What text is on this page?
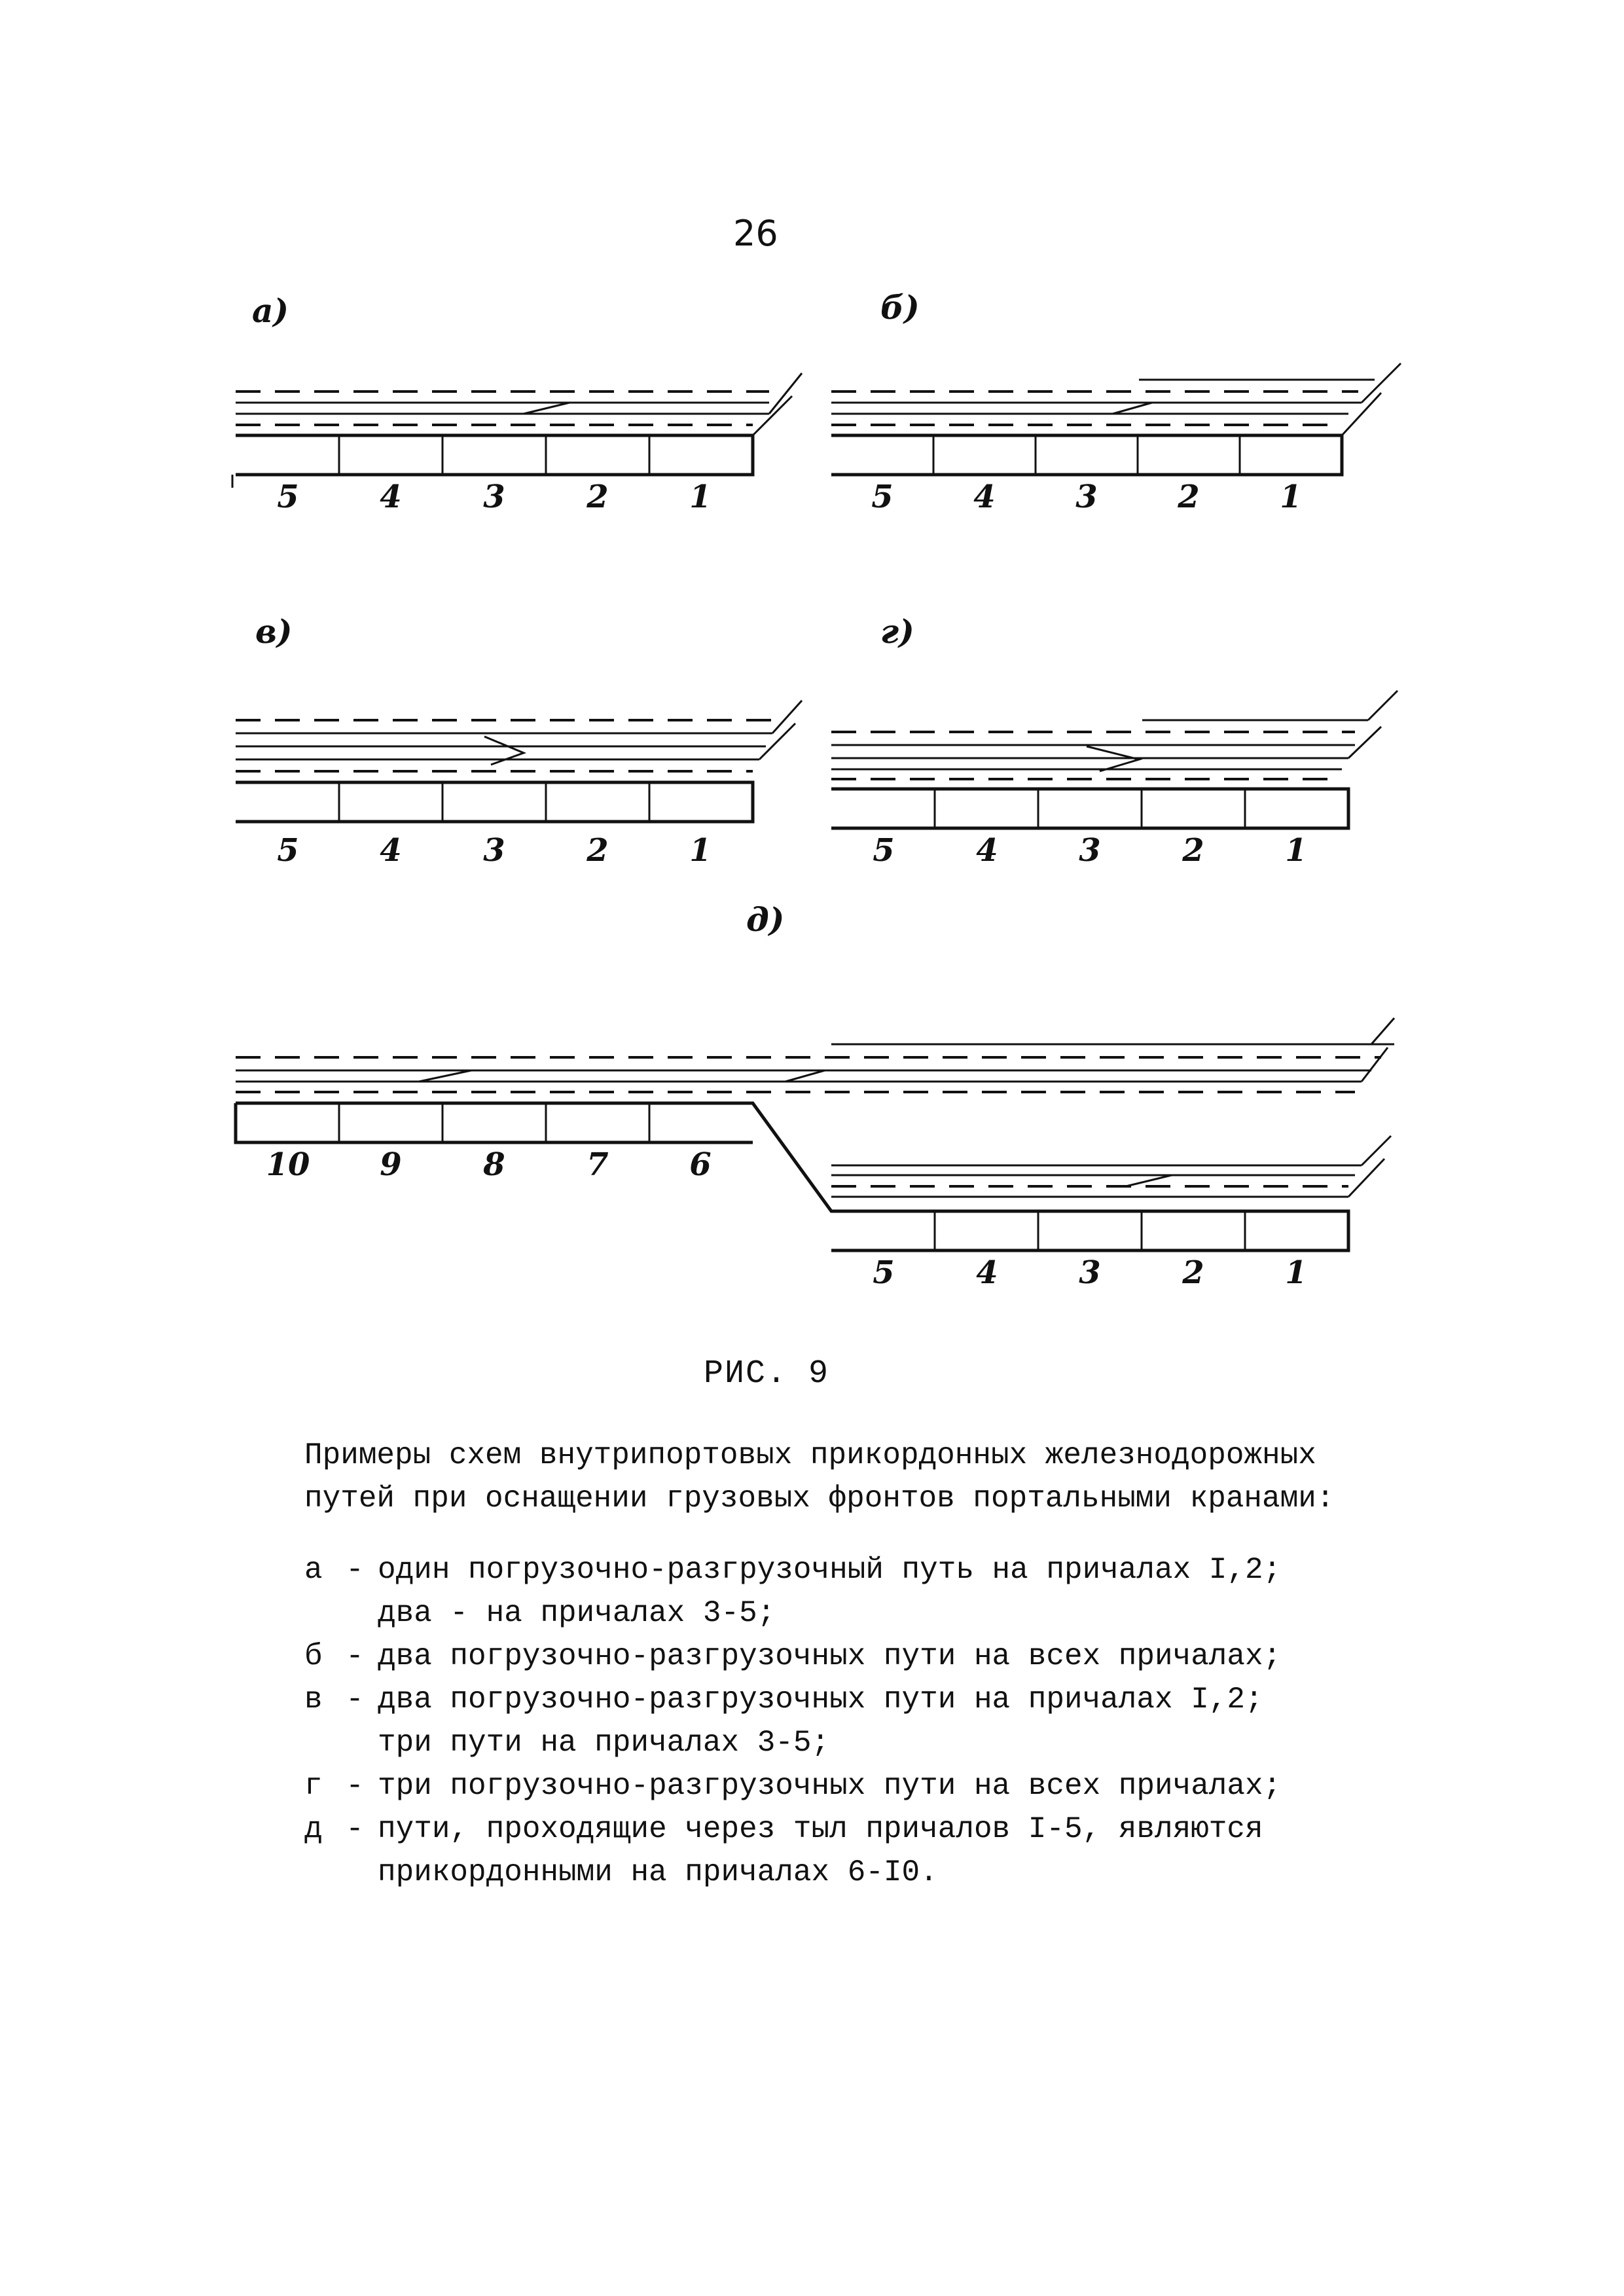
26
а)	б)
в)	г)
д)
5	4	3	2	1	5	4	3	2	1
5	4	3	2	1	5	4	3	2	1
10 9	8	7	6
5	4	3	2	1
РИС. 9
Примеры схем внутрипортовых прикордонных железнодорожных
путей при оснащении грузовых фронтов портальными кранами:
а - один погрузочно-разгрузочный путь на причалах I,2;
два - на причалах 3-5;
б - два погрузочно-разгрузочных пути на всех причалах;
в - два погрузочно-разгрузочных пути на причалах I,2;
три пути на причалах 3-5;
г - три погрузочно-разгрузочных пути на всех причалах;
д - пути, проходящие через тыл причалов I-5, являются
прикордонными на причалах 6-I0.
